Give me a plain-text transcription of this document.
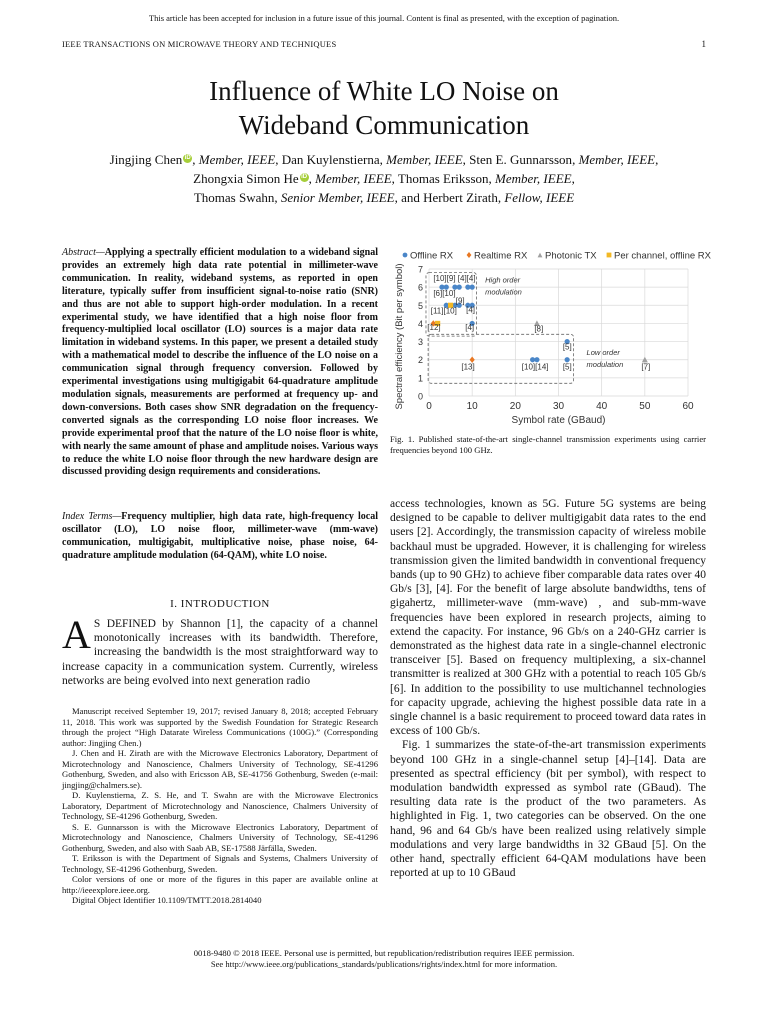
This article has been accepted for inclusion in a future issue of this journal. Content is final as presented, with the exception of pagination.
IEEE TRANSACTIONS ON MICROWAVE THEORY AND TECHNIQUES	1
Influence of White LO Noise on
Wideband Communication
Jingjing Chen iD , Member, IEEE, Dan Kuylenstierna, Member, IEEE, Sten E. Gunnarsson, Member, IEEE,
Zhongxia Simon He iD , Member, IEEE, Thomas Eriksson, Member, IEEE,
Thomas Swahn, Senior Member, IEEE, and Herbert Zirath, Fellow, IEEE
Abstract—Applying a spectrally efficient modulation to a wideband signal provides an extremely high data rate potential in millimeter-wave communication. In reality, wideband systems, as reported in open literature, typically suffer from insufficient signal-to-noise ratio (SNR) and thus are not able to support high-order modulation. In a recent experimental study, we have identified that a high noise floor from frequency-multiplied local oscillator (LO) sources is a major data rate limitation in wideband systems. In this paper, we present a detailed study with a mathematical model to describe the influence of the LO noise on a communication signal through frequency conversion. Followed by experimental investigations using multigigabit 64-quadrature amplitude modulation signals, measurements are performed at frequency up- and down-conversions. Both cases show SNR degradation on the frequency-converted signals as the corresponding LO noise floor increases. We provide experimental proof that the nature of the LO noise floor is white, with nearly the same amount of phase and amplitude noises. Various ways to reduce the white LO noise floor through the new hardware design are discussed providing design requirements and considerations.
Index Terms—Frequency multiplier, high data rate, high-frequency local oscillator (LO), LO noise floor, millimeter-wave (mm-wave) communication, multigigabit, multiplicative noise, phase noise, 64-quadrature amplitude modulation (64-QAM), white LO noise.
I. INTRODUCTION
A S DEFINED by Shannon [1], the capacity of a channel monotonically increases with its bandwidth. Therefore, increasing the bandwidth is the most straightforward way to increase capacity in a communication system. Currently, wireless networks are being evolved into next generation radio

Manuscript received September 19, 2017; revised January 8, 2018; accepted February 11, 2018. This work was supported by the Swedish Foundation for Strategic Research through the project “High Datarate Wireless Communications (100G).” (Corresponding author: Jingjing Chen.)

J. Chen and H. Zirath are with the Microwave Electronics Laboratory, Department of Microtechnology and Nanoscience, Chalmers University of Technology, SE-41296 Gothenburg, Sweden, and also with Ericsson AB, SE-41756 Gothenburg, Sweden (e-mail: jingjing@chalmers.se).

D. Kuylenstierna, Z. S. He, and T. Swahn are with the Microwave Electronics Laboratory, Department of Microtechnology and Nanoscience, Chalmers University of Technology, SE-41296 Gothenburg, Sweden.

S. E. Gunnarsson is with the Microwave Electronics Laboratory, Department of Microtechnology and Nanoscience, Chalmers University of Technology, SE-41296 Gothenburg, Sweden, and also with Saab AB, SE-17588 Järfälla, Sweden.

T. Eriksson is with the Department of Signals and Systems, Chalmers University of Technology, SE-41296 Gothenburg, Sweden.

Color versions of one or more of the figures in this paper are available online at http://ieeexplore.ieee.org.

Digital Object Identifier 10.1109/TMTT.2018.2814040

0	10	20	30	40	50	60
0
1
2
3
4
5
6
7
Symbol rate (GBaud)
Spectral efficiency (Bit per symbol)	[10][9] [4][4]
[6][10]
[9]
[4]
[11][10]
[12]	[4]	[8]
[5]
[13]	[10][14] [5]	[7]
High order
modulation
Low order
modulation
Offline RX Realtime RX Photonic TX Per channel, offline RX
Fig. 1. Published state-of-the-art single-channel transmission experiments using carrier frequencies beyond 100 GHz.

access technologies, known as 5G. Future 5G systems are being designed to be capable to deliver multigigabit data rates to the end users [2]. Accordingly, the transmission capacity of wireless mobile backhaul must be upgraded. However, it is challenging for wireless transmission given the limited bandwidth in conventional frequency bands (up to 90 GHz) to achieve fiber comparable data rates over 40 Gb/s [3], [4]. For the benefit of large absolute bandwidths, tens of gigahertz, millimeter-wave (mm-wave) , and sub-mm-wave frequencies have been explored in research projects, aiming to extend the capacity. For instance, 96 Gb/s on a 240-GHz carrier is demonstrated as the highest data rate in a single-channel electronic transceiver [5]. Based on frequency multiplexing, a six-channel transmitter is realized at 300 GHz with a potential to reach 105 Gb/s [6]. In addition to the possibility to use multichannel technologies for capacity upgrade, achieving the highest possible data rate in a single channel is a basic requirement to proceed toward data rates in excess of 100 Gb/s.

Fig. 1 summarizes the state-of-the-art transmission experiments beyond 100 GHz in a single-channel setup [4]–[14]. Data are presented as spectral efficiency (bit per symbol), with respect to modulation bandwidth expressed as symbol rate (GBaud). The resulting data rate is the product of the two parameters. As highlighted in Fig. 1, two categories can be observed. On the one hand, 96 and 64 Gb/s have been realized using relatively simple modulations and very large bandwidths in 32 GBaud [5]. On the other hand, spectrally efficient 64-QAM modulations have been reported at up to 10 GBaud

0018-9480 © 2018 IEEE. Personal use is permitted, but republication/redistribution requires IEEE permission.
See http://www.ieee.org/publications_standards/publications/rights/index.html for more information.
